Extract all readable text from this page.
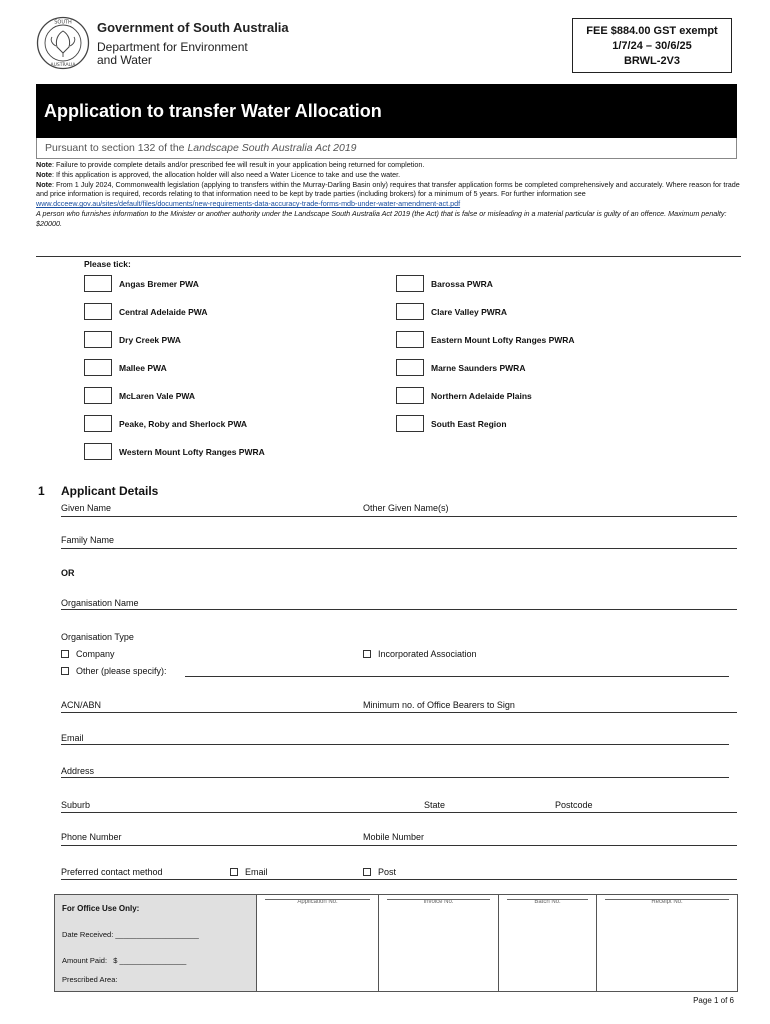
SOUTH
AUSTRALIA
Government of South Australia
Department for Environment
and Water
FEE $884.00 GST exempt
1/7/24 – 30/6/25
BRWL-2V3
Application to transfer Water Allocation
Pursuant to section 132 of the Landscape South Australia Act 2019
Note: Failure to provide complete details and/or prescribed fee will result in your application being returned for completion.
Note: If this application is approved, the allocation holder will also need a Water Licence to take and use the water.
Note: From 1 July 2024, Commonwealth legislation (applying to transfers within the Murray-Darling Basin only) requires that transfer application forms be completed comprehensively and accurately. Where reason for trade and price information is required, records relating to that information need to be kept by trade parties (including brokers) for a minimum of 5 years. For further information see www.dcceew.gov.au/sites/default/files/documents/new-requirements-data-accuracy-trade-forms-mdb-under-water-amendment-act.pdf
A person who furnishes information to the Minister or another authority under the Landscape South Australia Act 2019 (the Act) that is false or misleading in a material particular is guilty of an offence. Maximum penalty: $20000.
Please tick:
Angas Bremer PWA
Central Adelaide PWA
Dry Creek PWA
Mallee PWA
McLaren Vale PWA
Peake, Roby and Sherlock PWA
Western Mount Lofty Ranges PWRA
Barossa PWRA
Clare Valley PWRA
Eastern Mount Lofty Ranges PWRA
Marne Saunders PWRA
Northern Adelaide Plains
South East Region
1 Applicant Details
Given Name	Other Given Name(s)
Family Name
OR
Organisation Name
Organisation Type
Company	Incorporated Association
Other (please specify):
ACN/ABN	Minimum no. of Office Bearers to Sign
Email
Address
Suburb	State	Postcode
Phone Number	Mobile Number
Preferred contact method	Email	Post
For Office Use Only:
Date Received: ____________________
Amount Paid: $ ________________
Prescribed Area:
Application No.	Invoice No.	Batch No.	Receipt No.
Page 1 of 6
